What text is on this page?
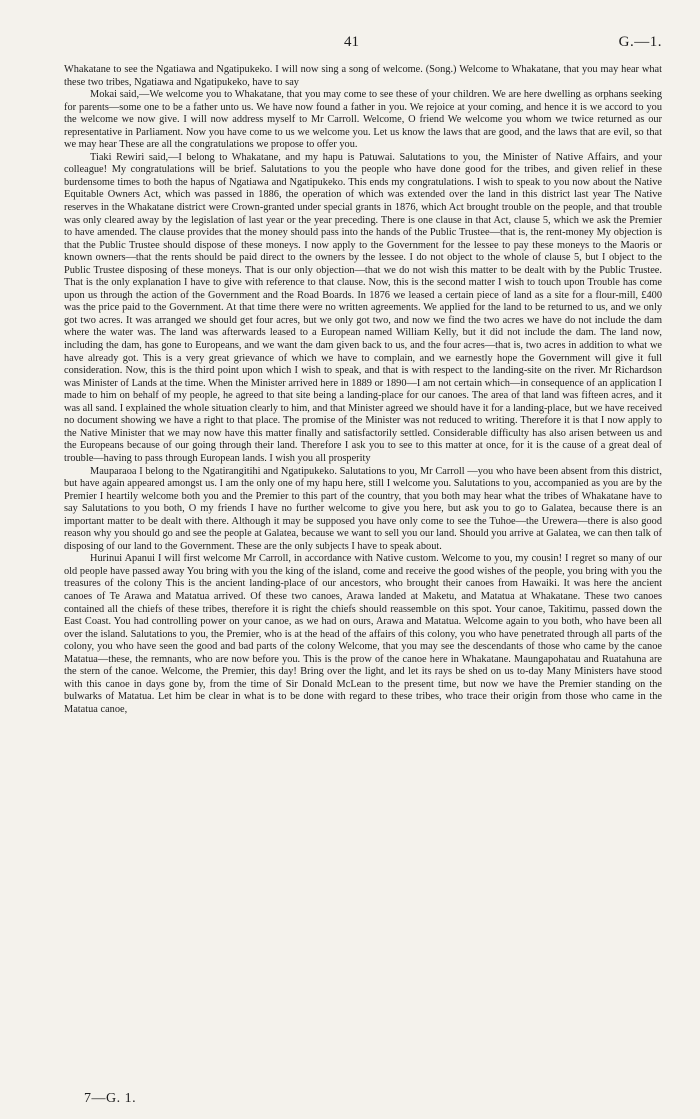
41	G.—1.

Whakatane to see the Ngatiawa and Ngatipukeko. I will now sing a song of welcome. (Song.) Welcome to Whakatane, that you may hear what these two tribes, Ngatiawa and Ngatipukeko, have to say

Mokai said,—We welcome you to Whakatane, that you may come to see these of your children. We are here dwelling as orphans seeking for parents—some one to be a father unto us. We have now found a father in you. We rejoice at your coming, and hence it is we accord to you the welcome we now give. I will now address myself to Mr Carroll. Welcome, O friend We welcome you whom we twice returned as our representative in Parliament. Now you have come to us we welcome you. Let us know the laws that are good, and the laws that are evil, so that we may hear These are all the congratulations we propose to offer you.

Tiaki Rewiri said,—I belong to Whakatane, and my hapu is Patuwai. Salutations to you, the Minister of Native Affairs, and your colleague! My congratulations will be brief. Salutations to you the people who have done good for the tribes, and given relief in these burdensome times to both the hapus of Ngatiawa and Ngatipukeko. This ends my congratulations. I wish to speak to you now about the Native Equitable Owners Act, which was passed in 1886, the operation of which was extended over the land in this district last year The Native reserves in the Whakatane district were Crown-granted under special grants in 1876, which Act brought trouble on the people, and that trouble was only cleared away by the legislation of last year or the year preceding. There is one clause in that Act, clause 5, which we ask the Premier to have amended. The clause provides that the money should pass into the hands of the Public Trustee—that is, the rent-money My objection is that the Public Trustee should dispose of these moneys. I now apply to the Government for the lessee to pay these moneys to the Maoris or known owners—that the rents should be paid direct to the owners by the lessee. I do not object to the whole of clause 5, but I object to the Public Trustee disposing of these moneys. That is our only objection—that we do not wish this matter to be dealt with by the Public Trustee. That is the only explanation I have to give with reference to that clause. Now, this is the second matter I wish to touch upon Trouble has come upon us through the action of the Government and the Road Boards. In 1876 we leased a certain piece of land as a site for a flour-mill, £400 was the price paid to the Government. At that time there were no written agreements. We applied for the land to be returned to us, and we only got two acres. It was arranged we should get four acres, but we only got two, and now we find the two acres we have do not include the dam where the water was. The land was afterwards leased to a European named William Kelly, but it did not include the dam. The land now, including the dam, has gone to Europeans, and we want the dam given back to us, and the four acres—that is, two acres in addition to what we have already got. This is a very great grievance of which we have to complain, and we earnestly hope the Government will give it full consideration. Now, this is the third point upon which I wish to speak, and that is with respect to the landing-site on the river. Mr Richardson was Minister of Lands at the time. When the Minister arrived here in 1889 or 1890—I am not certain which—in consequence of an application I made to him on behalf of my people, he agreed to that site being a landing-place for our canoes. The area of that land was fifteen acres, and it was all sand. I explained the whole situation clearly to him, and that Minister agreed we should have it for a landing-place, but we have received no document showing we have a right to that place. The promise of the Minister was not reduced to writing. Therefore it is that I now apply to the Native Minister that we may now have this matter finally and satisfactorily settled. Considerable difficulty has also arisen between us and the Europeans because of our going through their land. Therefore I ask you to see to this matter at once, for it is the cause of a great deal of trouble—having to pass through European lands. I wish you all prosperity

Mauparaoa I belong to the Ngatirangitihi and Ngatipukeko. Salutations to you, Mr Carroll —you who have been absent from this district, but have again appeared amongst us. I am the only one of my hapu here, still I welcome you. Salutations to you, accompanied as you are by the Premier I heartily welcome both you and the Premier to this part of the country, that you both may hear what the tribes of Whakatane have to say Salutations to you both, O my friends I have no further welcome to give you here, but ask you to go to Galatea, because there is an important matter to be dealt with there. Although it may be supposed you have only come to see the Tuhoe—the Urewera—there is also good reason why you should go and see the people at Galatea, because we want to sell you our land. Should you arrive at Galatea, we can then talk of disposing of our land to the Government. These are the only subjects I have to speak about.

Hurinui Apanui I will first welcome Mr Carroll, in accordance with Native custom. Welcome to you, my cousin! I regret so many of our old people have passed away You bring with you the king of the island, come and receive the good wishes of the people, you bring with you the treasures of the colony This is the ancient landing-place of our ancestors, who brought their canoes from Hawaiki. It was here the ancient canoes of Te Arawa and Matatua arrived. Of these two canoes, Arawa landed at Maketu, and Matatua at Whakatane. These two canoes contained all the chiefs of these tribes, therefore it is right the chiefs should reassemble on this spot. Your canoe, Takitimu, passed down the East Coast. You had controlling power on your canoe, as we had on ours, Arawa and Matatua. Welcome again to you both, who have been all over the island. Salutations to you, the Premier, who is at the head of the affairs of this colony, you who have penetrated through all parts of the colony, you who have seen the good and bad parts of the colony Welcome, that you may see the descendants of those who came by the canoe Matatua—these, the remnants, who are now before you. This is the prow of the canoe here in Whakatane. Maungapohatau and Ruatahuna are the stern of the canoe. Welcome, the Premier, this day! Bring over the light, and let its rays be shed on us to-day Many Ministers have stood with this canoe in days gone by, from the time of Sir Donald McLean to the present time, but now we have the Premier standing on the bulwarks of Matatua. Let him be clear in what is to be done with regard to these tribes, who trace their origin from those who came in the Matatua canoe,

7—G. 1.
